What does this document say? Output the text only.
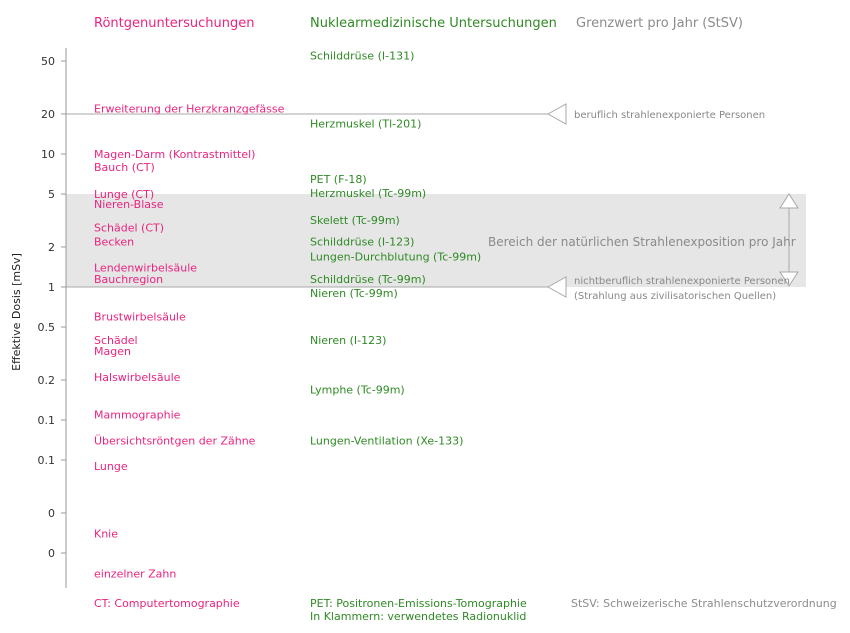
50
20
10
5
2
1
0.5
0.2
0.1
0.1
0
0
Effektive Dosis [mSv]
Röntgenuntersuchungen	Nuklearmedizinische Untersuchungen Grenzwert pro Jahr (StSV)
beruflich strahlenexponierte Personen
nichtberuflich strahlenexponierte Personen
(Strahlung aus zivilisatorischen Quellen)
Bereich der natürlichen Strahlenexposition pro Jahr
Erweiterung der Herzkranzgefässe
Magen-Darm (Kontrastmittel)
Bauch (CT)
Lunge (CT)
Nieren-Blase
Schädel (CT)
Becken
Lendenwirbelsäule
Bauchregion
Brustwirbelsäule
Schädel
Magen
Halswirbelsäule
Mammographie
Übersichtsröntgen der Zähne
Lunge
Knie
einzelner Zahn
Schilddrüse (I-131)
Herzmuskel (Tl-201)
PET (F-18)
Herzmuskel (Tc-99m)
Skelett (Tc-99m)
Schilddrüse (I-123)
Lungen-Durchblutung (Tc-99m)
Schilddrüse (Tc-99m)
Nieren (Tc-99m)
Nieren (I-123)
Lymphe (Tc-99m)
Lungen-Ventilation (Xe-133)
CT: Computertomographie	PET: Positronen-Emissions-Tomographie
In Klammern: verwendetes Radionuklid
StSV: Schweizerische Strahlenschutzverordnung
